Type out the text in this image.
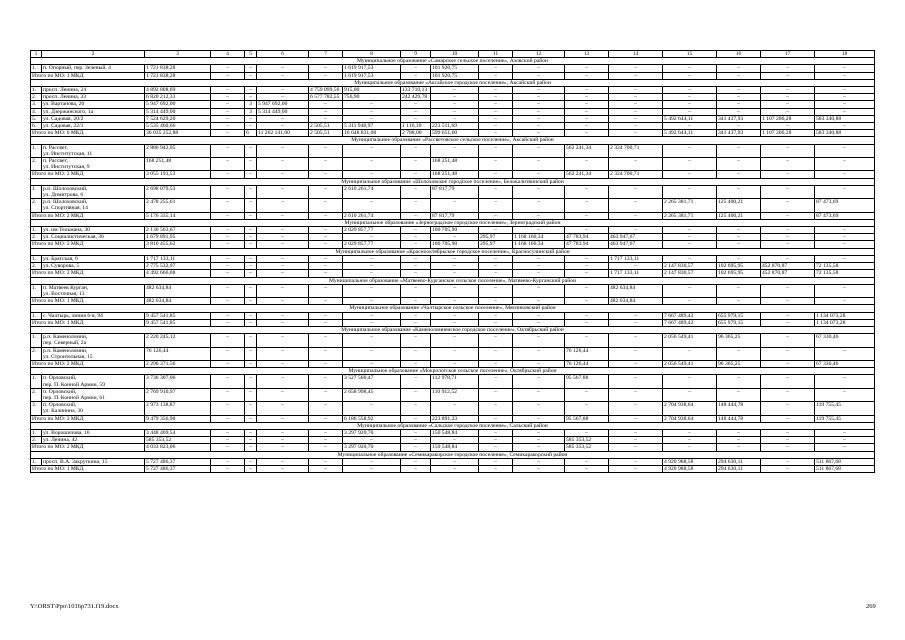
1	2	3	4	5	6	7	8	9	10	11	12	13	14	15	16	17	18
Муниципальное образование «Самарское сельское поселение», Азовский район																	
1.	п. Опорный, пер. Зеленый, 4	1 721 838,28	–	–	–	–	1 619 917,53	–	101 920,75	–	–	–	–	–	–	–	–
Итого по МО: 1 МКД		1 721 838,28	–	–	–	–	1 619 917,53	–	101 920,75	–	–	–	–	–	–	–	–
Муниципальное образование «Аксайское городское поселение», Аксайский район																	
1.	просп. Ленина, 24	4 892 808,69	–	–	–	4 759 099,56	915,00	133 710,13	–	–	–	–	–	–	–	–	–
2.	просп. Ленина, 33	6 820 212,33	–	–	–	6 577 782,55	756,90	242 429,78	–	–	–	–	–	–	–	–	–
3.	ул. Вартанова, 20	5 947 692,00	–	3	5 947 692,00	–	–	–	–	–	–	–	–	–	–	–	–
4.	ул. Дзержинского, 1а	5 314 449,00	–	3	5 314 449,00	–	–	–	–	–	–	–	–	–	–	–	–
5.	ул. Садовая, 20/2	7 524 629,20	–	–	–	–	–	–	–	–	–	–	–	5 492 644,11	341 437,93	1 107 206,28	583 340,88
6.	ул. Садовая, 22/1	5 535 460,66	–	–	–	2 505,51	5 311 948,97	1 116,10	223 511,69	–	–	–	–	–	–	–	–
Итого по МО: 6 МКД		36 035 252,88	–	6	11 262 141,00	2 505,51	16 648 831,08	2 788,00	599 651,60	–	–	–	–	5 492 644,11	341 437,93	1 107 206,28	583 340,88
Муниципальное образование «Рассветовское сельское поселение», Аксайский район																	
1.	п. Рассвет,
ул. Институтская, 11	2 886 942,05	–	–	–	–	–	–	–	–	–	562 241,34	2 324 700,71	–	–	–	–
2.	п. Рассвет,
ул. Институтская, 9	168 251,48	–	–	–	–	–	–	168 251,48	–	–	–	–	–	–	–	–
Итого по МО: 2 МКД		3 055 193,53	–	–	–	–	–	–	168 251,48	–	–	562 241,34	2 324 700,71	–	–	–	–
Муниципальное образование «Шолоховское городское поселение», Белокалитвинский район																	
1.	р.п. Шолоховский,
ул. Димитрова, 6	2 698 079,53	–	–	–	–	2 610 261,74	–	87 817,79	–	–	–	–	–	–	–	–
2.	р.п. Шолоховский,
ул. Спортивная, 14	2 478 255,61	–	–	–	–	–	–	–	–	–	–	–	2 265 381,71	125 400,21	–	87 473,69
Итого по МО: 2 МКД		5 176 335,14	–	–	–	–	2 610 261,74	–	87 817,79	–	–	–	–	2 265 381,71	125 400,21	–	87 473,69
Муниципальное образование «Зерноградское городское поселение», Зерноградский район																	
1.	ул. им Тельмана, 30	2 130 563,67	–	–	–	–	2 029 857,77	–	100 705,90	–	–	–	–	–	–	–	–
2.	ул. Социалистическая, 36	1 679 891,95	–	–	–	–	–	–	–	295,97	1 168 160,34	47 783,94	463 947,67	–	–	–	–
Итого по МО: 2 МКД		3 810 455,62	–	–	–	–	2 029 857,77	–	100 705,90	295,97	1 168 160,34	47 783,94	463 947,67	–	–	–	–
Муниципальное образование «Краснооктябрьское городское поселение», Красносулинский район																	
1.	ул. Братская, 6	1 717 133,11	–	–	–	–	–	–	–	–	–	–	1 717 133,11	–	–	–	–
2.	ул. Суворова, 5	2 775 532,97	–	–	–	–	–	–	–	–	–	–	–	2 147 830,57	102 695,95	452 870,87	72 135,58
Итого по МО: 2 МКД		4 492 666,08	–	–	–	–	–	–	–	–	–	–	1 717 133,11	2 147 830,57	102 695,95	452 870,87	72 135,58
Муниципальное образование «Матвеево-Курганское сельское поселение», Матвеево-Курганский район																	
1.	п. Матвеев Курган,
ул. Восточная, 13	482 634,84	–	–	–	–	–	–	–	–	–	–	482 634,84	–	–	–	–
Итого по МО: 1 МКД		482 634,84	–	–	–	–	–	–	–	–	–	–	482 634,84	–	–	–	–
Муниципальное образование «Чалтырское сельское поселение», Мясниковский район																	
1.	с. Чалтырь, линия 6-я, 94	9 457 541,85	–	–	–	–	–	–	–	–	–	–	–	7 667 489,42	655 979,15	–	1 134 073,28
Итого по МО: 1 МКД		9 457 541,85	–	–	–	–	–	–	–	–	–	–	–	7 667 489,42	655 979,15	–	1 134 073,28
Муниципальное образование «Каменоломненское городское поселение», Октябрьский район																	
1.	р.п. Каменоломни,
пер. Северный, 2а	2 220 245,12	–	–	–	–	–	–	–	–	–	–	–	2 056 549,41	96 365,25	–	67 330,46
2.	р.п. Каменоломни,
ул. Строительная, 15	76 126,44	–	–	–	–	–	–	–	–	–	76 126,44	–	–	–	–	–
Итого по МО: 2 МКД		2 296 371,56	–	–	–	–	–	–	–	–	–	76 126,44	–	2 056 549,41	96 365,25	–	67 330,46
Муниципальное образование «Мокрологское сельское поселение», Октябрьский район																	
1.	п. Орловский,
пер. П. Конной Армии, 59	3 736 307,06	–	–	–	–	3 527 560,47	–	112 978,71	–	–	95 567,88	–	–	–	–	–
2.	п. Орловский,
пер. П. Конной Армии, 61	2 769 910,97	–	–	–	–	2 658 998,45	–	110 912,52	–	–	–	–	–	–	–	–
3.	п. Орловский,
ул. Калинина, 30	2 973 138,87	–	–	–	–	–	–	–	–	–	–	–	2 704 938,64	148 444,78	–	119 755,45
Итого по МО: 3 МКД		9 479 356,90	–	–	–	–	6 186 558,92	–	223 891,23	–	–	95 567,88	–	2 704 938,64	148 444,78	–	119 755,45
Муниципальное образование «Сальское городское поселение», Сальский район																	
1.	ул. Ворошилова, 16	3 448 469,54	–	–	–	–	3 297 920,70	–	150 548,84	–	–	–	–	–	–	–	–
2.	ул. Ленина, 42	585 353,52	–	–	–	–	–	–	–	–	–	585 353,52	–	–	–	–	–
Итого по МО: 2 МКД		4 033 823,06	–	–	–	–	3 297 920,70	–	150 548,84	–	–	585 353,52	–	–	–	–	–
Муниципальное образование «Семикаракорское городское поселение», Семикаракорский район																	
1.	просп. В.А. Закруткина, 15	5 727 486,37	–	–	–	–	–	–	–	–	–	–	–	4 920 988,58	294 630,11	–	511 867,68
Итого по МО: 1 МКД		5 727 486,37	–	–	–	–	–	–	–	–	–	–	–	4 920 988,58	294 630,11	–	511 867,68
Y:\ORST\Ppo\1016p731.f19.docx	269
